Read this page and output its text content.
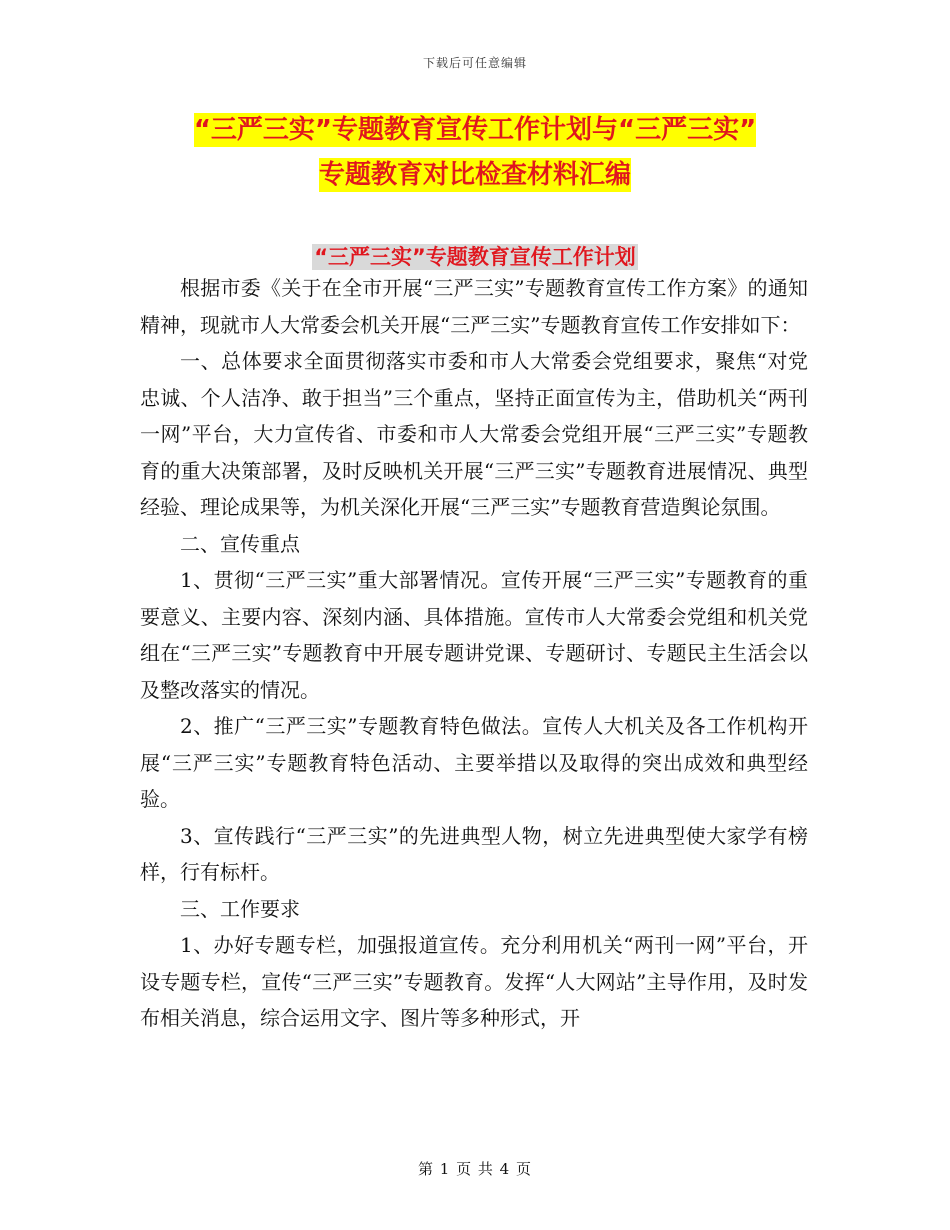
下载后可任意编辑
“三严三实”专题教育宣传工作计划与“三严三实”
专题教育对比检查材料汇编
“三严三实”专题教育宣传工作计划

根据市委《关于在全市开展“三严三实”专题教育宣传工作方案》的通知精神，现就市人大常委会机关开展“三严三实”专题教育宣传工作安排如下：

一、总体要求全面贯彻落实市委和市人大常委会党组要求，聚焦“对党忠诚、个人洁净、敢于担当”三个重点，坚持正面宣传为主，借助机关“两刊一网”平台，大力宣传省、市委和市人大常委会党组开展“三严三实”专题教育的重大决策部署，及时反映机关开展“三严三实”专题教育进展情况、典型经验、理论成果等，为机关深化开展“三严三实”专题教育营造舆论氛围。

二、宣传重点

1、贯彻“三严三实”重大部署情况。宣传开展“三严三实”专题教育的重要意义、主要内容、深刻内涵、具体措施。宣传市人大常委会党组和机关党组在“三严三实”专题教育中开展专题讲党课、专题研讨、专题民主生活会以及整改落实的情况。

2、推广“三严三实”专题教育特色做法。宣传人大机关及各工作机构开展“三严三实”专题教育特色活动、主要举措以及取得的突出成效和典型经验。

3、宣传践行“三严三实”的先进典型人物，树立先进典型使大家学有榜样，行有标杆。

三、工作要求

1、办好专题专栏，加强报道宣传。充分利用机关“两刊一网”平台，开设专题专栏，宣传“三严三实”专题教育。发挥“人大网站”主导作用，及时发布相关消息，综合运用文字、图片等多种形式，开

第 1 页 共 4 页
